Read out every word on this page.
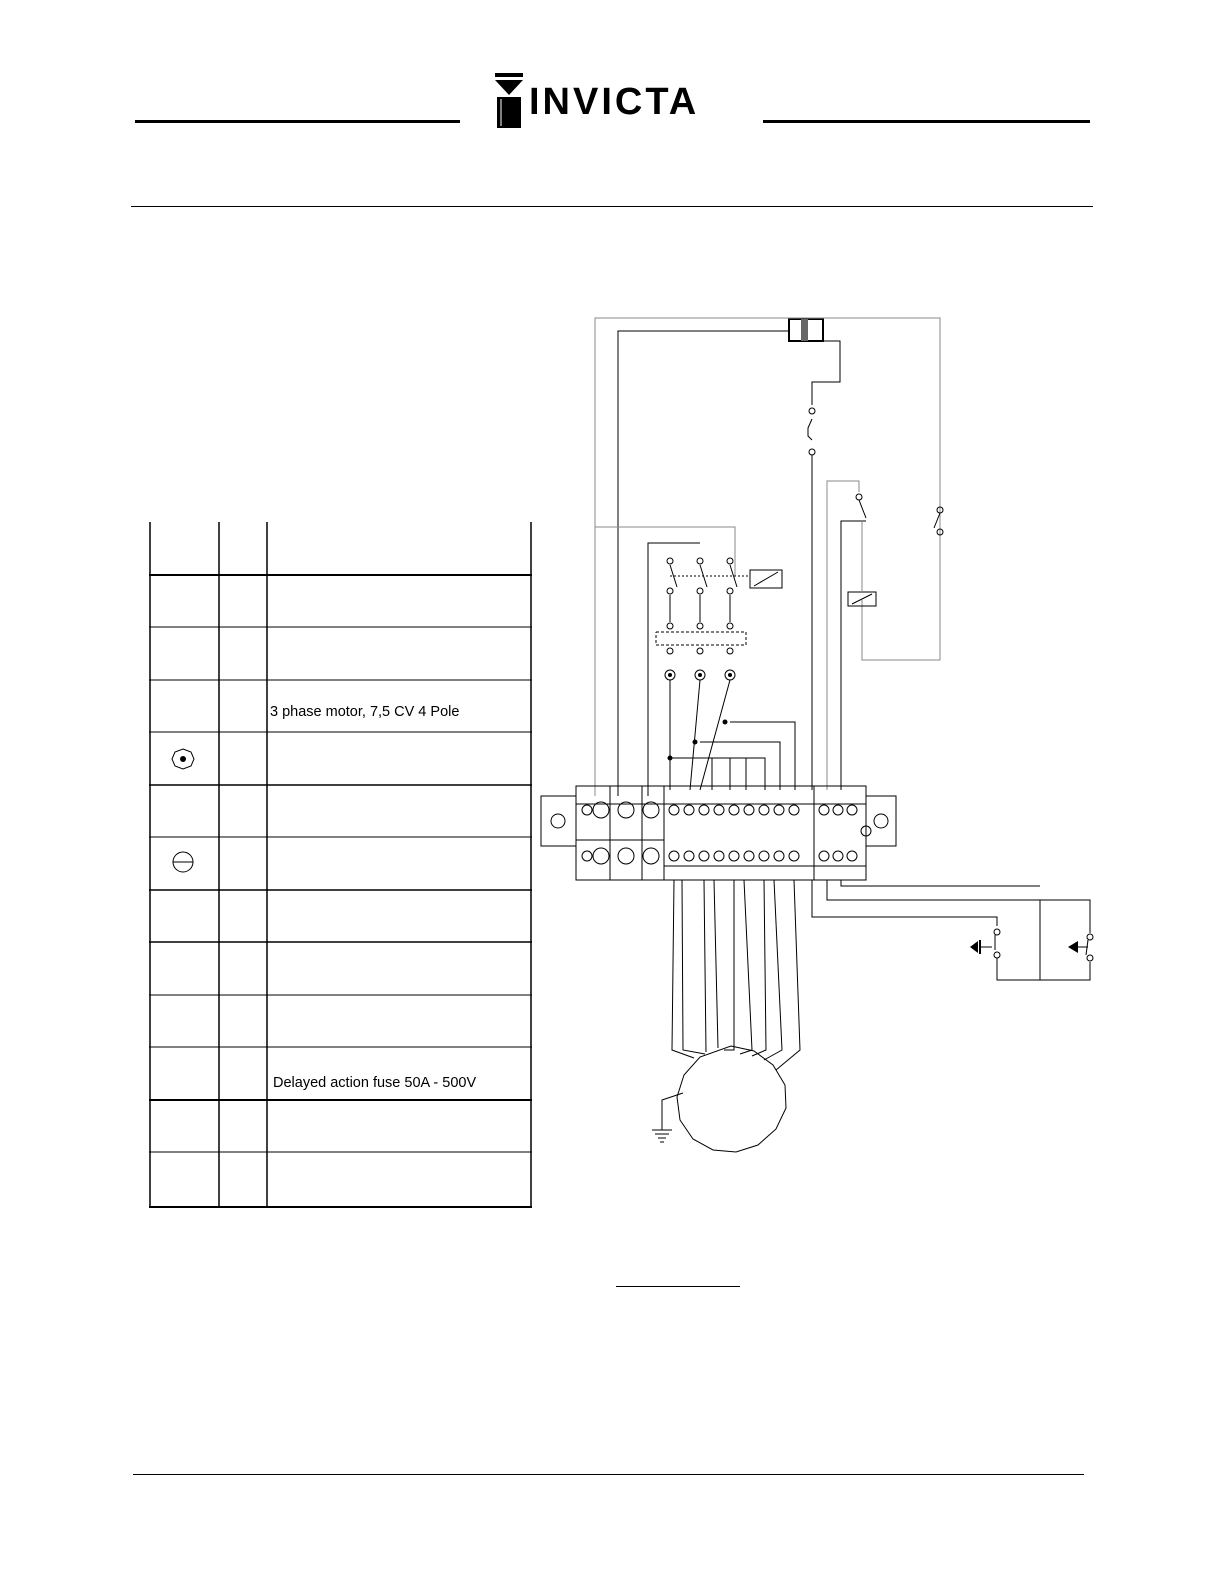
INVICTA
3 phase motor, 7,5 CV 4 Pole
Delayed action fuse 50A - 500V
